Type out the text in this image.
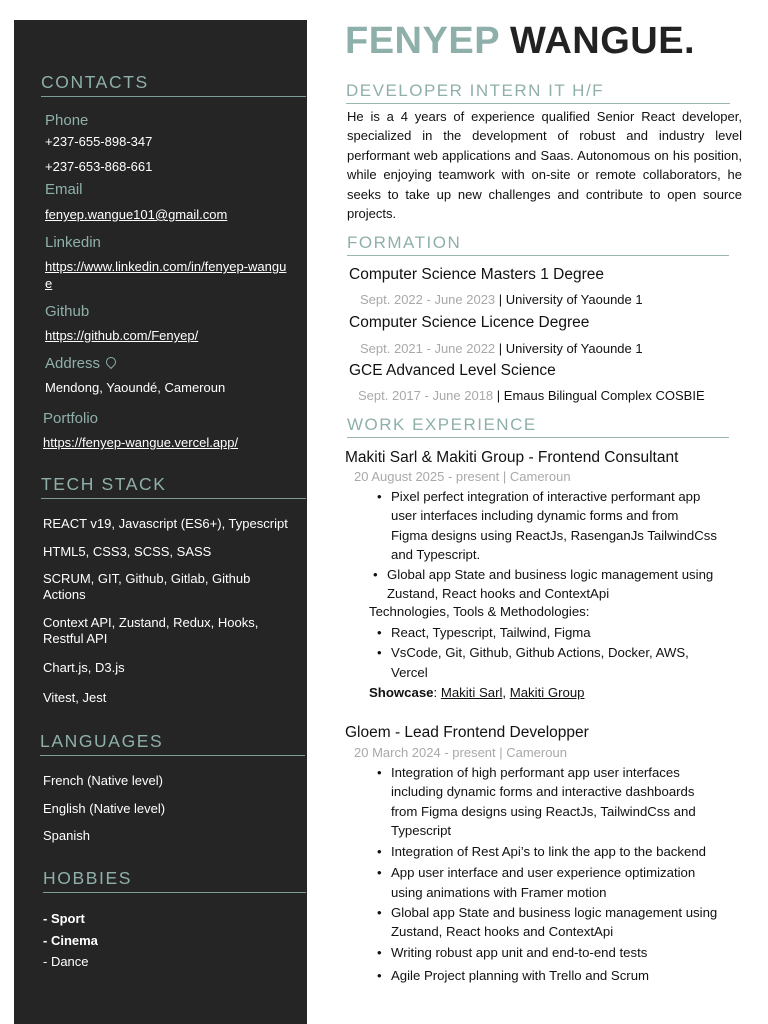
CONTACTS
Phone
+237-655-898-347
+237-653-868-661
Email
fenyep.wangue101@gmail.com
Linkedin
https://www.linkedin.com/in/fenyep-wangue
Github
https://github.com/Fenyep/
Address
Mendong, Yaoundé, Cameroun
Portfolio
https://fenyep-wangue.vercel.app/
TECH STACK
REACT v19, Javascript (ES6+), Typescript
HTML5, CSS3, SCSS, SASS
SCRUM, GIT, Github, Gitlab, Github Actions
Context API, Zustand, Redux, Hooks, Restful API
Chart.js, D3.js
Vitest, Jest
LANGUAGES
French (Native level)
English (Native level)
Spanish
HOBBIES
- Sport
- Cinema
- Dance
FENYEP WANGUE.
DEVELOPER INTERN IT H/F
He is a 4 years of experience qualified Senior React developer, specialized in the development of robust and industry level performant web applications and Saas. Autonomous on his position, while enjoying teamwork with on-site or remote collaborators, he seeks to take up new challenges and contribute to open source projects.
FORMATION
Computer Science Masters 1 Degree
Sept. 2022 - June 2023 | University of Yaounde 1
Computer Science Licence Degree
Sept. 2021 - June 2022 | University of Yaounde 1
GCE Advanced Level Science
Sept. 2017 - June 2018 | Emaus Bilingual Complex COSBIE
WORK EXPERIENCE
Makiti Sarl & Makiti Group - Frontend Consultant
20 August 2025 - present | Cameroun
• Pixel perfect integration of interactive performant app user interfaces including dynamic forms and from Figma designs using ReactJs, RasenganJs TailwindCss and Typescript.
• Global app State and business logic management using Zustand, React hooks and ContextApi
Technologies, Tools & Methodologies:
• React, Typescript, Tailwind, Figma
• VsCode, Git, Github, Github Actions, Docker, AWS, Vercel
Showcase: Makiti Sarl, Makiti Group
Gloem - Lead Frontend Developper
20 March 2024 - present | Cameroun
• Integration of high performant app user interfaces including dynamic forms and interactive dashboards from Figma designs using ReactJs, TailwindCss and Typescript
• Integration of Rest Api’s to link the app to the backend
• App user interface and user experience optimization using animations with Framer motion
• Global app State and business logic management using Zustand, React hooks and ContextApi
• Writing robust app unit and end-to-end tests
• Agile Project planning with Trello and Scrum
